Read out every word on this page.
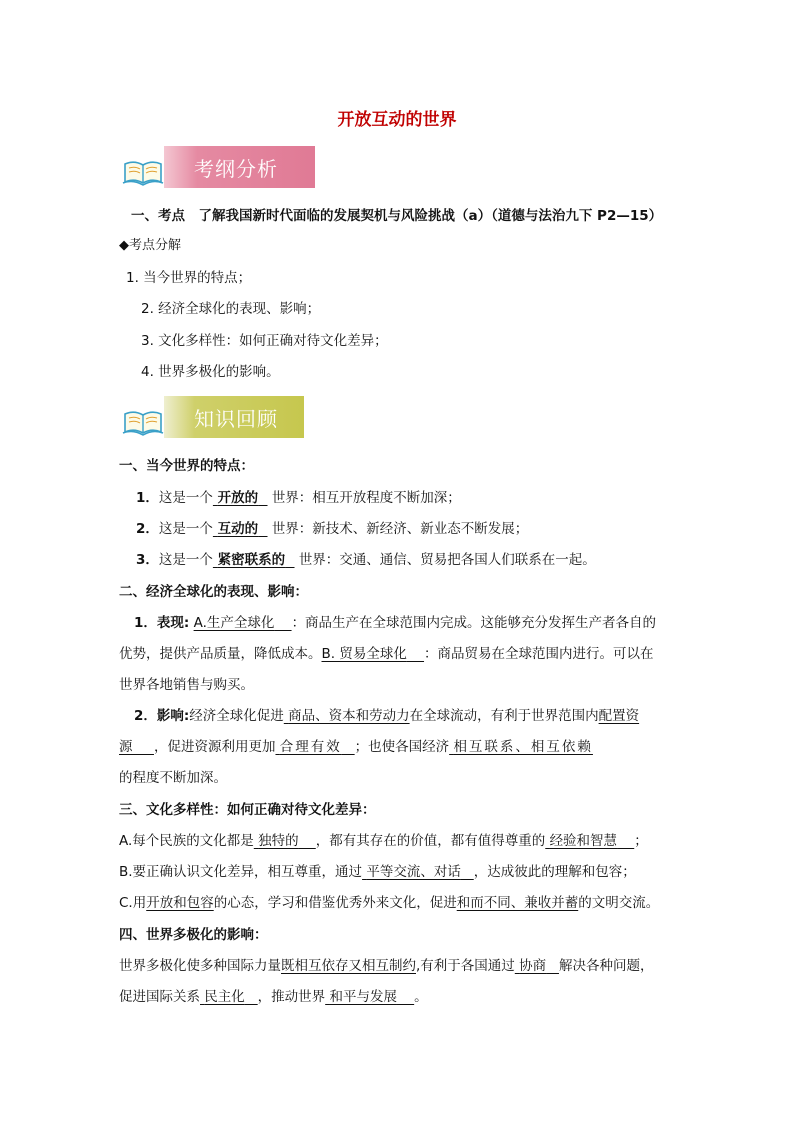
开放互动的世界
考纲分析
一、考点　了解我国新时代面临的发展契机与风险挑战（a）（道德与法治九下 P2—15）
◆考点分解
1. 当今世界的特点；
2. 经济全球化的表现、影响；
3. 文化多样性：如何正确对待文化差异；
4. 世界多极化的影响。
知识回顾
一、当今世界的特点：
1．这是一个 开放的 世界：相互开放程度不断加深；
2．这是一个 互动的 世界：新技术、新经济、新业态不断发展；
3．这是一个 紧密联系的 世界：交通、通信、贸易把各国人们联系在一起。
二、经济全球化的表现、影响：
1．表现: A.生产全球化 ：商品生产在全球范围内完成。这能够充分发挥生产者各自的
优势，提供产品质量，降低成本。B. 贸易全球化 ：商品贸易在全球范围内进行。可以在
世界各地销售与购买。
2．影响:经济全球化促进 商品、资本和劳动力在全球流动，有利于世界范围内配置资
源 ，促进资源利用更加 合理有效 ；也使各国经济 相互联系、相互依赖
的程度不断加深。
三、文化多样性：如何正确对待文化差异：
A.每个民族的文化都是 独特的 ，都有其存在的价值，都有值得尊重的 经验和智慧 ；
B.要正确认识文化差异，相互尊重，通过 平等交流、对话 ，达成彼此的理解和包容；
C.用开放和包容的心态，学习和借鉴优秀外来文化，促进和而不同、兼收并蓄的文明交流。
四、世界多极化的影响：
世界多极化使多种国际力量既相互依存又相互制约,有利于各国通过 协商 解决各种问题，
促进国际关系 民主化 ，推动世界 和平与发展 。
